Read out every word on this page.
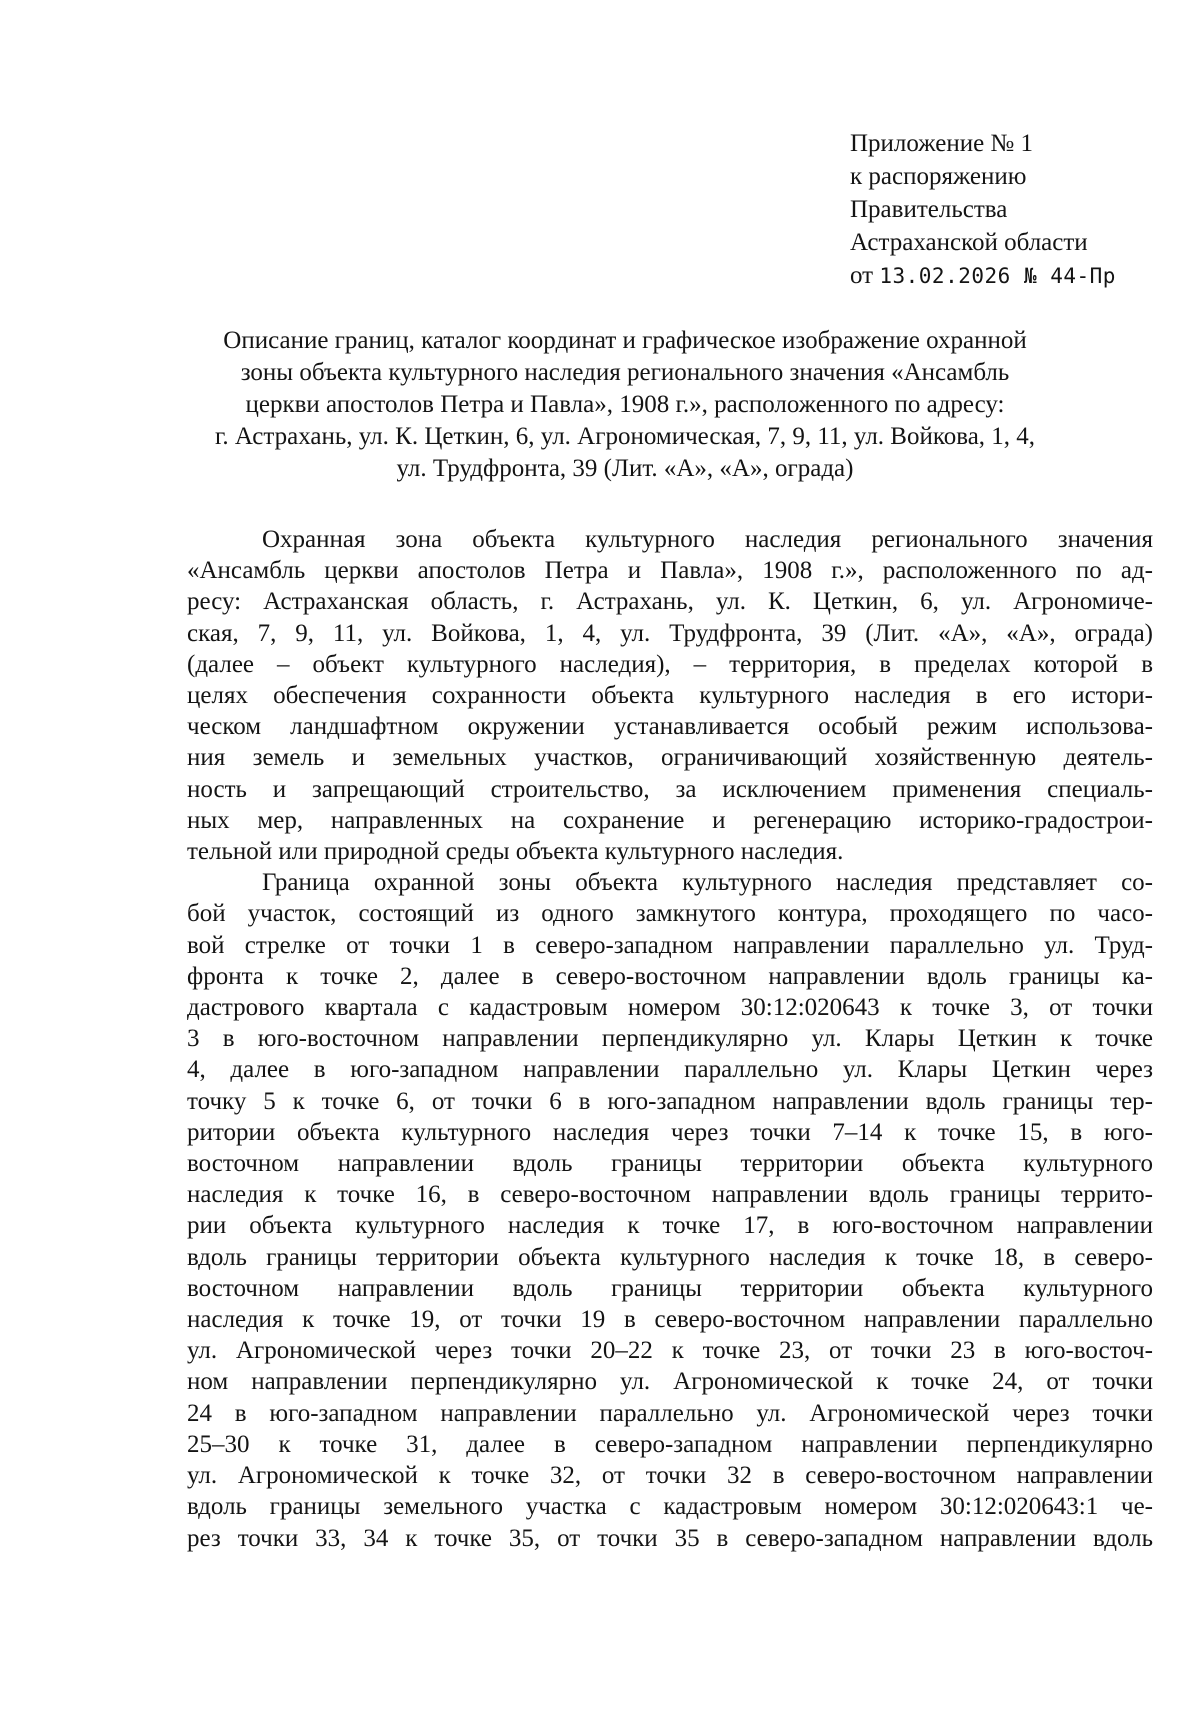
Приложение № 1
к распоряжению
Правительства
Астраханской области
от 13.02.2026 № 44-Пр
Описание границ, каталог координат и графическое изображение охранной
зоны объекта культурного наследия регионального значения «Ансамбль
церкви апостолов Петра и Павла», 1908 г.», расположенного по адресу:
г. Астрахань, ул. К. Цеткин, 6, ул. Агрономическая, 7, 9, 11, ул. Войкова, 1, 4,
ул. Трудфронта, 39 (Лит. «А», «А», ограда)
Охранная зона объекта культурного наследия регионального значения
«Ансамбль церкви апостолов Петра и Павла», 1908 г.», расположенного по ад-
ресу: Астраханская область, г. Астрахань, ул. К. Цеткин, 6, ул. Агрономиче-
ская, 7, 9, 11, ул. Войкова, 1, 4, ул. Трудфронта, 39 (Лит. «А», «А», ограда)
(далее – объект культурного наследия), – территория, в пределах которой в
целях обеспечения сохранности объекта культурного наследия в его истори-
ческом ландшафтном окружении устанавливается особый режим использова-
ния земель и земельных участков, ограничивающий хозяйственную деятель-
ность и запрещающий строительство, за исключением применения специаль-
ных мер, направленных на сохранение и регенерацию историко-градострои-
тельной или природной среды объекта культурного наследия.
Граница охранной зоны объекта культурного наследия представляет со-
бой участок, состоящий из одного замкнутого контура, проходящего по часо-
вой стрелке от точки 1 в северо-западном направлении параллельно ул. Труд-
фронта к точке 2, далее в северо-восточном направлении вдоль границы ка-
дастрового квартала с кадастровым номером 30:12:020643 к точке 3, от точки
3 в юго-восточном направлении перпендикулярно ул. Клары Цеткин к точке
4, далее в юго-западном направлении параллельно ул. Клары Цеткин через
точку 5 к точке 6, от точки 6 в юго-западном направлении вдоль границы тер-
ритории объекта культурного наследия через точки 7–14 к точке 15, в юго-
восточном направлении вдоль границы территории объекта культурного
наследия к точке 16, в северо-восточном направлении вдоль границы террито-
рии объекта культурного наследия к точке 17, в юго-восточном направлении
вдоль границы территории объекта культурного наследия к точке 18, в северо-
восточном направлении вдоль границы территории объекта культурного
наследия к точке 19, от точки 19 в северо-восточном направлении параллельно
ул. Агрономической через точки 20–22 к точке 23, от точки 23 в юго-восточ-
ном направлении перпендикулярно ул. Агрономической к точке 24, от точки
24 в юго-западном направлении параллельно ул. Агрономической через точки
25–30 к точке 31, далее в северо-западном направлении перпендикулярно
ул. Агрономической к точке 32, от точки 32 в северо-восточном направлении
вдоль границы земельного участка с кадастровым номером 30:12:020643:1 че-
рез точки 33, 34 к точке 35, от точки 35 в северо-западном направлении вдоль
